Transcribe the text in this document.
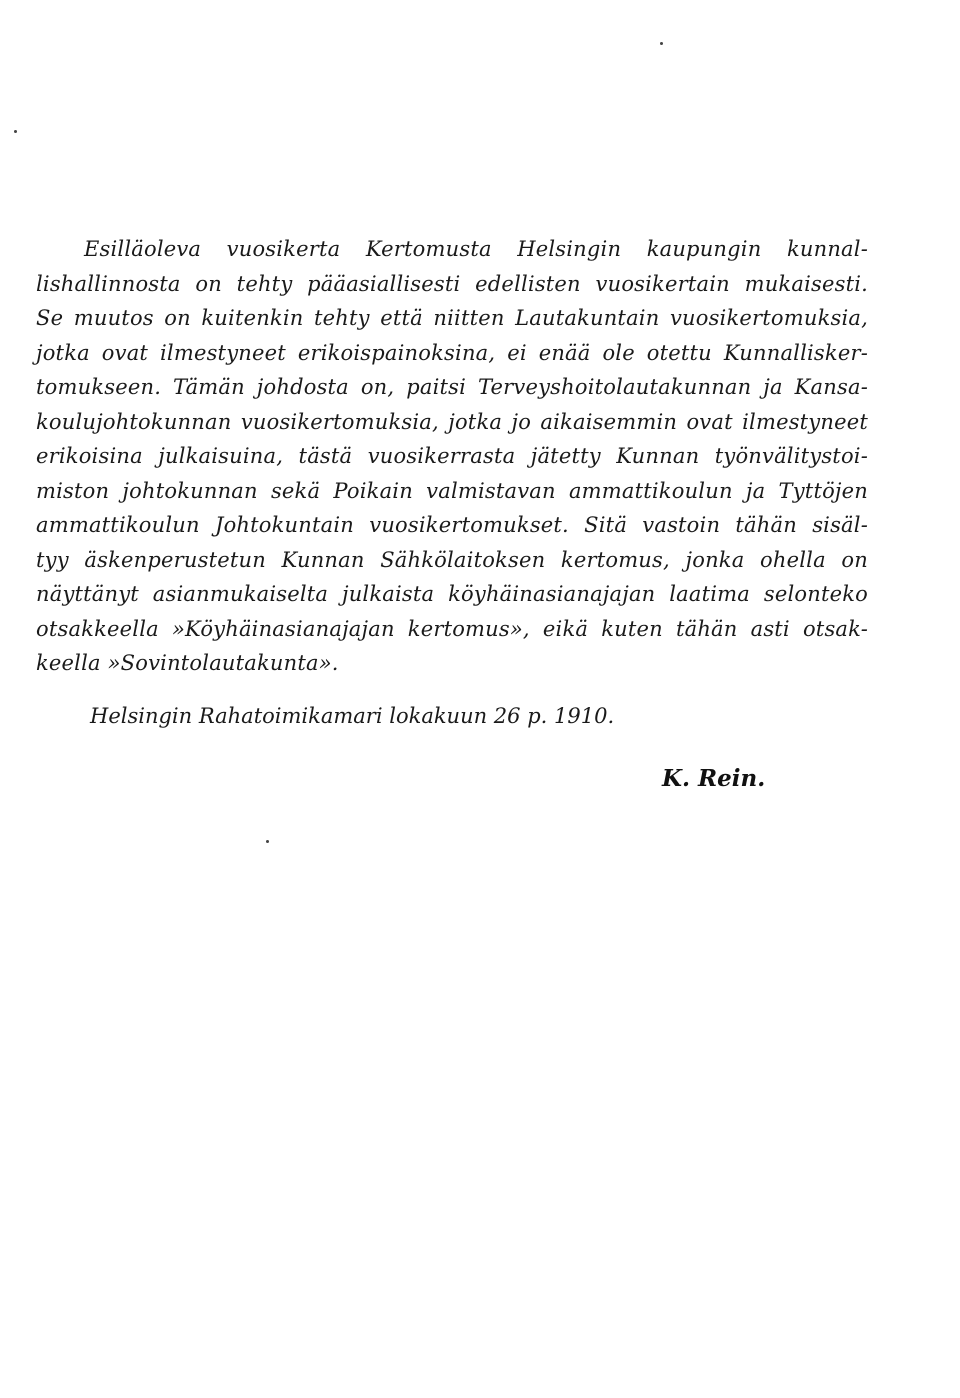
Esilläoleva vuosikerta Kertomusta Helsingin kaupungin kunnal-
lishallinnosta on tehty pääasiallisesti edellisten vuosikertain mukaisesti.
Se muutos on kuitenkin tehty että niitten Lautakuntain vuosikertomuksia,
jotka ovat ilmestyneet erikoispainoksina, ei enää ole otettu Kunnallisker-
tomukseen. Tämän johdosta on, paitsi Terveyshoitolautakunnan ja Kansa-
koulujohtokunnan vuosikertomuksia, jotka jo aikaisemmin ovat ilmestyneet
erikoisina julkaisuina, tästä vuosikerrasta jätetty Kunnan työnvälitystoi-
miston johtokunnan sekä Poikain valmistavan ammattikoulun ja Tyttöjen
ammattikoulun Johtokuntain vuosikertomukset. Sitä vastoin tähän sisäl-
tyy äskenperustetun Kunnan Sähkölaitoksen kertomus, jonka ohella on
näyttänyt asianmukaiselta julkaista köyhäinasianajajan laatima selonteko
otsakkeella »Köyhäinasianajajan kertomus», eikä kuten tähän asti otsak-
keella »Sovintolautakunta».
Helsingin Rahatoimikamari lokakuun 26 p. 1910.
K. Rein.
